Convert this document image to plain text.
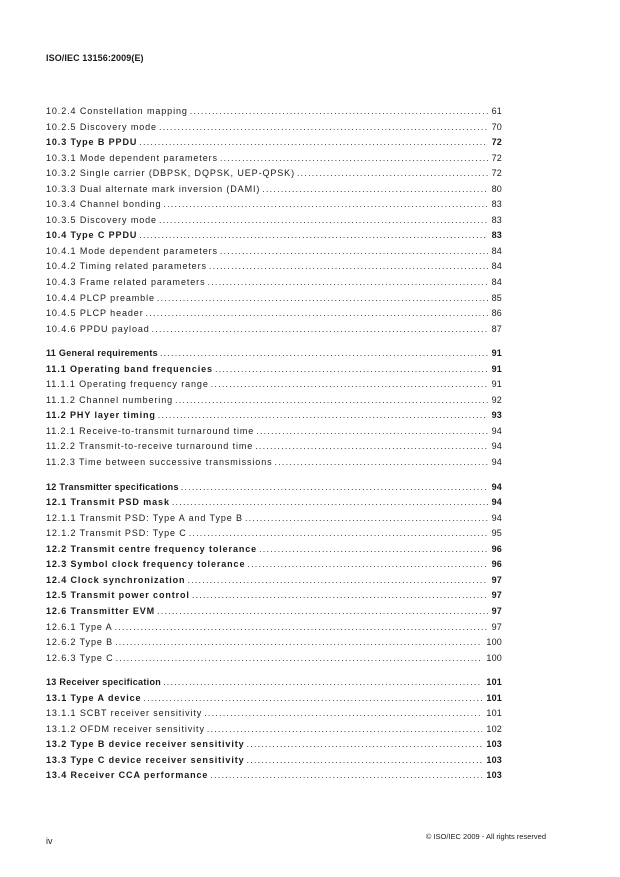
ISO/IEC 13156:2009(E)
10.2.4 Constellation mapping .....	61
10.2.5 Discovery mode .....	70
10.3 Type B PPDU .....	72
10.3.1 Mode dependent parameters .....	72
10.3.2 Single carrier (DBPSK, DQPSK, UEP-QPSK) .....	72
10.3.3 Dual alternate mark inversion (DAMI) .....	80
10.3.4 Channel bonding .....	83
10.3.5 Discovery mode .....	83
10.4 Type C PPDU .....	83
10.4.1 Mode dependent parameters .....	84
10.4.2 Timing related parameters .....	84
10.4.3 Frame related parameters .....	84
10.4.4 PLCP preamble .....	85
10.4.5 PLCP header .....	86
10.4.6 PPDU payload .....	87
11 General requirements .....	91
11.1 Operating band frequencies .....	91
11.1.1 Operating frequency range .....	91
11.1.2 Channel numbering .....	92
11.2 PHY layer timing .....	93
11.2.1 Receive-to-transmit turnaround time .....	94
11.2.2 Transmit-to-receive turnaround time .....	94
11.2.3 Time between successive transmissions .....	94
12 Transmitter specifications .....	94
12.1 Transmit PSD mask .....	94
12.1.1 Transmit PSD: Type A and Type B .....	94
12.1.2 Transmit PSD: Type C .....	95
12.2 Transmit centre frequency tolerance .....	96
12.3 Symbol clock frequency tolerance .....	96
12.4 Clock synchronization .....	97
12.5 Transmit power control .....	97
12.6 Transmitter EVM .....	97
12.6.1 Type A .....	97
12.6.2 Type B .....	100
12.6.3 Type C .....	100
13 Receiver specification .....	101
13.1 Type A device .....	101
13.1.1 SCBT receiver sensitivity .....	101
13.1.2 OFDM receiver sensitivity .....	102
13.2 Type B device receiver sensitivity .....	103
13.3 Type C device receiver sensitivity .....	103
13.4 Receiver CCA performance .....	103
iv	© ISO/IEC 2009 - All rights reserved
